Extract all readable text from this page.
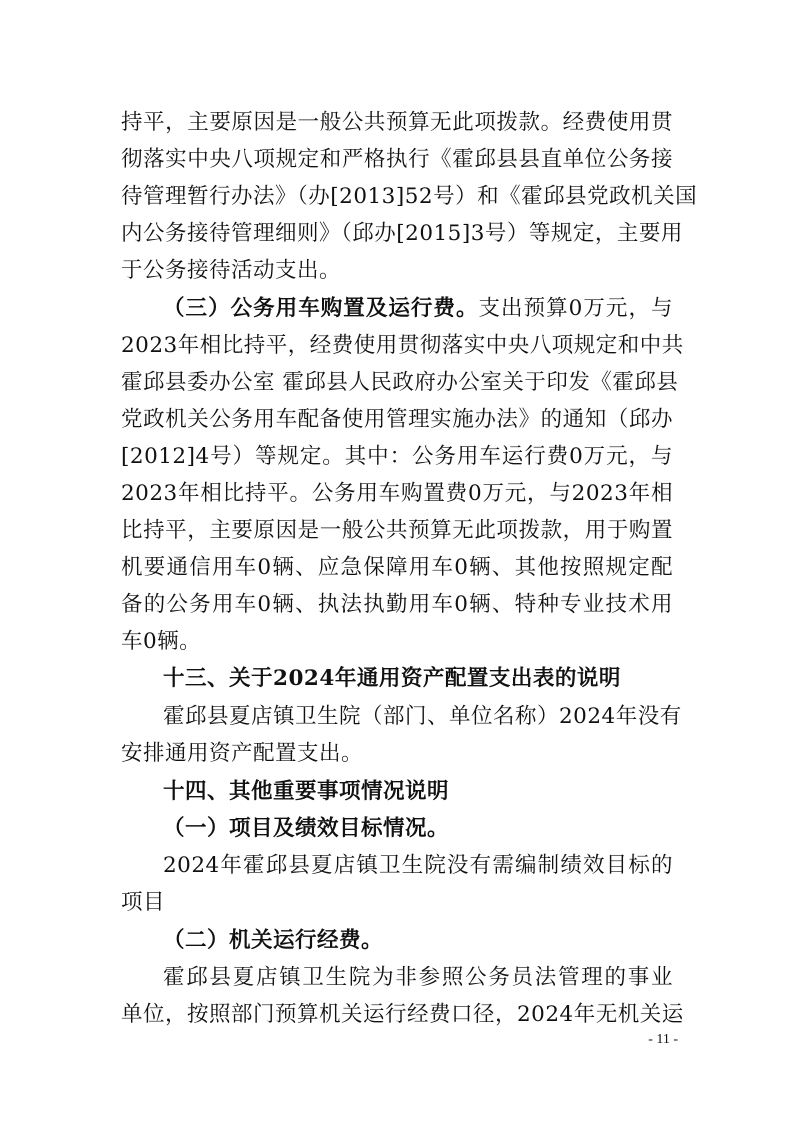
持平，主要原因是一般公共预算无此项拨款。经费使用贯
彻落实中央八项规定和严格执行《霍邱县县直单位公务接
待管理暂行办法》（办[2013]52号）和《霍邱县党政机关国
内公务接待管理细则》（邱办[2015]3号）等规定，主要用
于公务接待活动支出。
（三）公务用车购置及运行费。支出预算0万元，与
2023年相比持平，经费使用贯彻落实中央八项规定和中共
霍邱县委办公室 霍邱县人民政府办公室关于印发《霍邱县
党政机关公务用车配备使用管理实施办法》的通知（邱办
[2012]4号）等规定。其中：公务用车运行费0万元，与
2023年相比持平。公务用车购置费0万元，与2023年相
比持平，主要原因是一般公共预算无此项拨款，用于购置
机要通信用车0辆、应急保障用车0辆、其他按照规定配
备的公务用车0辆、执法执勤用车0辆、特种专业技术用
车0辆。
十三、关于2024年通用资产配置支出表的说明
霍邱县夏店镇卫生院（部门、单位名称）2024年没有
安排通用资产配置支出。
十四、其他重要事项情况说明
（一）项目及绩效目标情况。
2024年霍邱县夏店镇卫生院没有需编制绩效目标的
项目
（二）机关运行经费。
霍邱县夏店镇卫生院为非参照公务员法管理的事业
单位，按照部门预算机关运行经费口径，2024年无机关运
- 11 -
